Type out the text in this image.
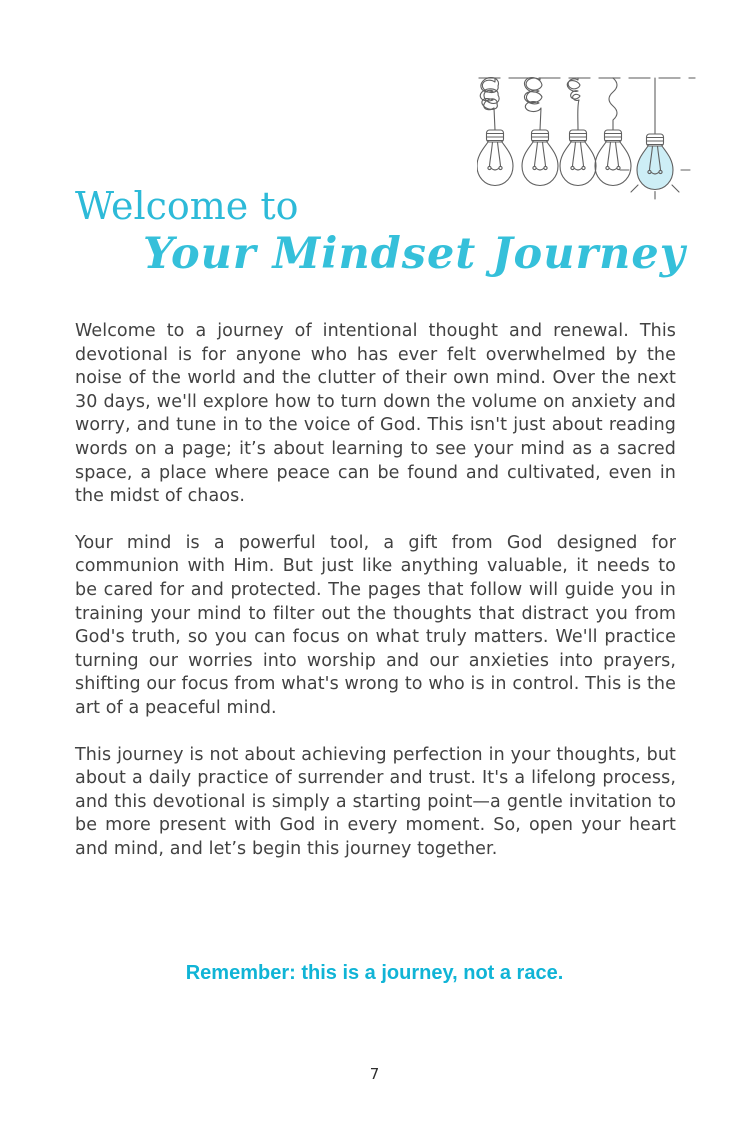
Welcome to
Your Mindset Journey

Welcome to a journey of intentional thought and renewal. This devotional is for anyone who has ever felt overwhelmed by the noise of the world and the clutter of their own mind. Over the next 30 days, we'll explore how to turn down the volume on anxiety and worry, and tune in to the voice of God. This isn't just about reading words on a page; it’s about learning to see your mind as a sacred space, a place where peace can be found and cultivated, even in the midst of chaos.

Your mind is a powerful tool, a gift from God designed for communion with Him. But just like anything valuable, it needs to be cared for and protected. The pages that follow will guide you in training your mind to filter out the thoughts that distract you from God's truth, so you can focus on what truly matters. We'll practice turning our worries into worship and our anxieties into prayers, shifting our focus from what's wrong to who is in control. This is the art of a peaceful mind.

This journey is not about achieving perfection in your thoughts, but about a daily practice of surrender and trust. It's a lifelong process, and this devotional is simply a starting point—a gentle invitation to be more present with God in every moment. So, open your heart and mind, and let’s begin this journey together.

Remember: this is a journey, not a race.
7
